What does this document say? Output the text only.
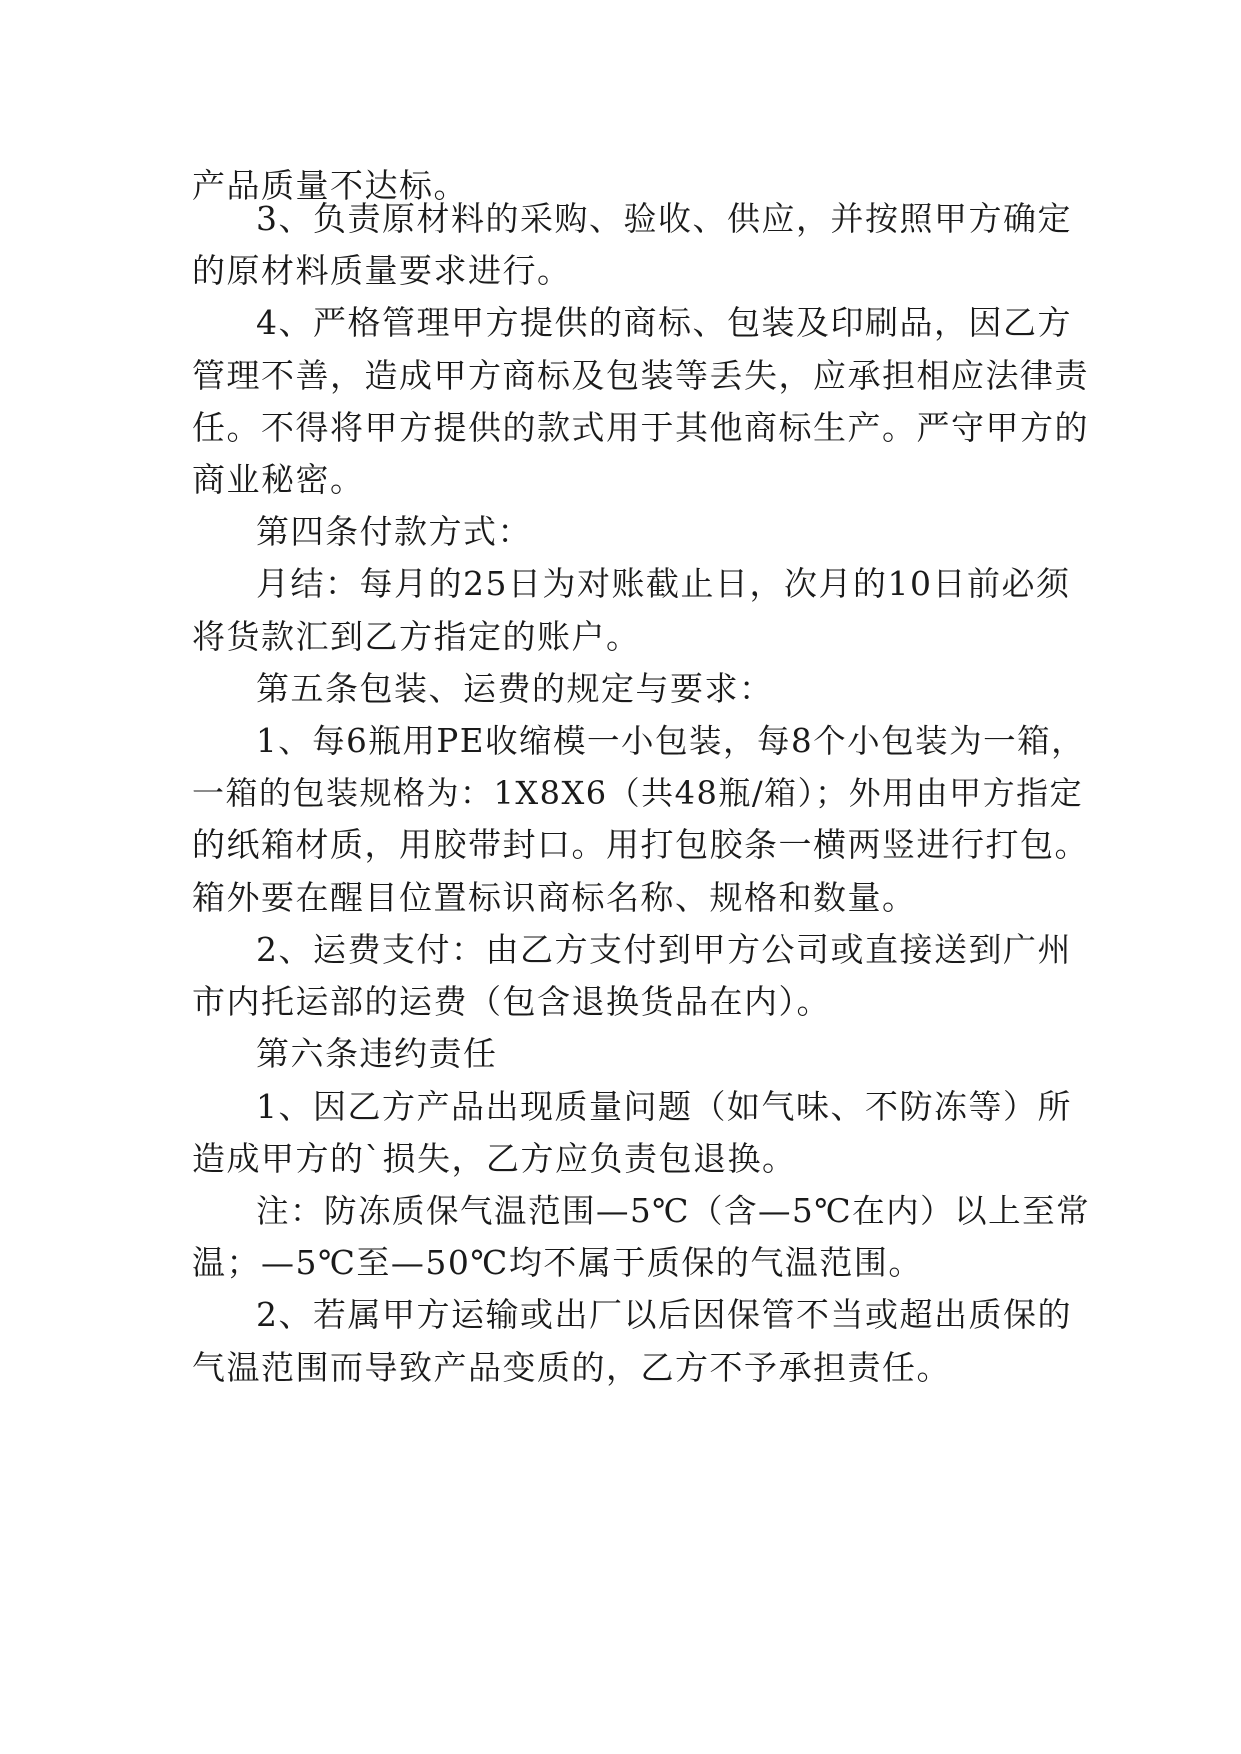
产品质量不达标。
3、负责原材料的采购、验收、供应，并按照甲方确定
的原材料质量要求进行。
4、严格管理甲方提供的商标、包装及印刷品，因乙方
管理不善，造成甲方商标及包装等丢失，应承担相应法律责
任。不得将甲方提供的款式用于其他商标生产。严守甲方的
商业秘密。
第四条付款方式：
月结：每月的25日为对账截止日，次月的10日前必须
将货款汇到乙方指定的账户。
第五条包装、运费的规定与要求：
1、每6瓶用PE收缩模一小包装，每8个小包装为一箱，
一箱的包装规格为：1X8X6（共48瓶/箱）；外用由甲方指定
的纸箱材质，用胶带封口。用打包胶条一横两竖进行打包。
箱外要在醒目位置标识商标名称、规格和数量。
2、运费支付：由乙方支付到甲方公司或直接送到广州
市内托运部的运费（包含退换货品在内）。
第六条违约责任
1、因乙方产品出现质量问题（如气味、不防冻等）所
造成甲方的`损失，乙方应负责包退换。
注：防冻质保气温范围—5℃（含—5℃在内）以上至常
温；—5℃至—50℃均不属于质保的气温范围。
2、若属甲方运输或出厂以后因保管不当或超出质保的
气温范围而导致产品变质的，乙方不予承担责任。
